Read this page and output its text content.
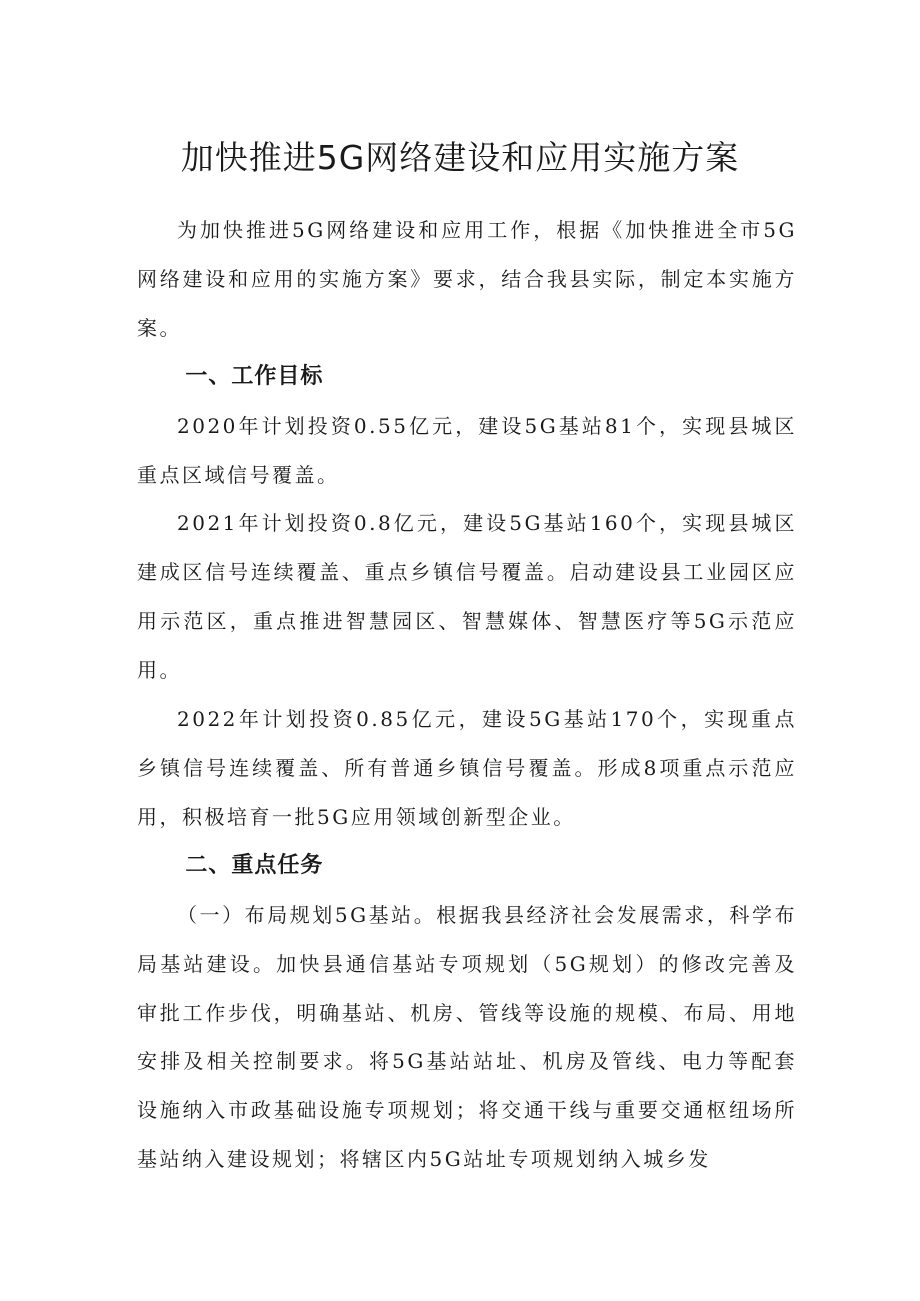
加快推进5G网络建设和应用实施方案

为加快推进5G网络建设和应用工作，根据《加快推进全市5G网络建设和应用的实施方案》要求，结合我县实际，制定本实施方案。

一、工作目标

2020年计划投资0.55亿元，建设5G基站81个，实现县城区重点区域信号覆盖。

2021年计划投资0.8亿元，建设5G基站160个，实现县城区建成区信号连续覆盖、重点乡镇信号覆盖。启动建设县工业园区应用示范区，重点推进智慧园区、智慧媒体、智慧医疗等5G示范应用。

2022年计划投资0.85亿元，建设5G基站170个，实现重点乡镇信号连续覆盖、所有普通乡镇信号覆盖。形成8项重点示范应用，积极培育一批5G应用领域创新型企业。

二、重点任务

（一）布局规划5G基站。根据我县经济社会发展需求，科学布局基站建设。加快县通信基站专项规划（5G规划）的修改完善及审批工作步伐，明确基站、机房、管线等设施的规模、布局、用地安排及相关控制要求。将5G基站站址、机房及管线、电力等配套设施纳入市政基础设施专项规划；将交通干线与重要交通枢纽场所基站纳入建设规划；将辖区内5G站址专项规划纳入城乡发
